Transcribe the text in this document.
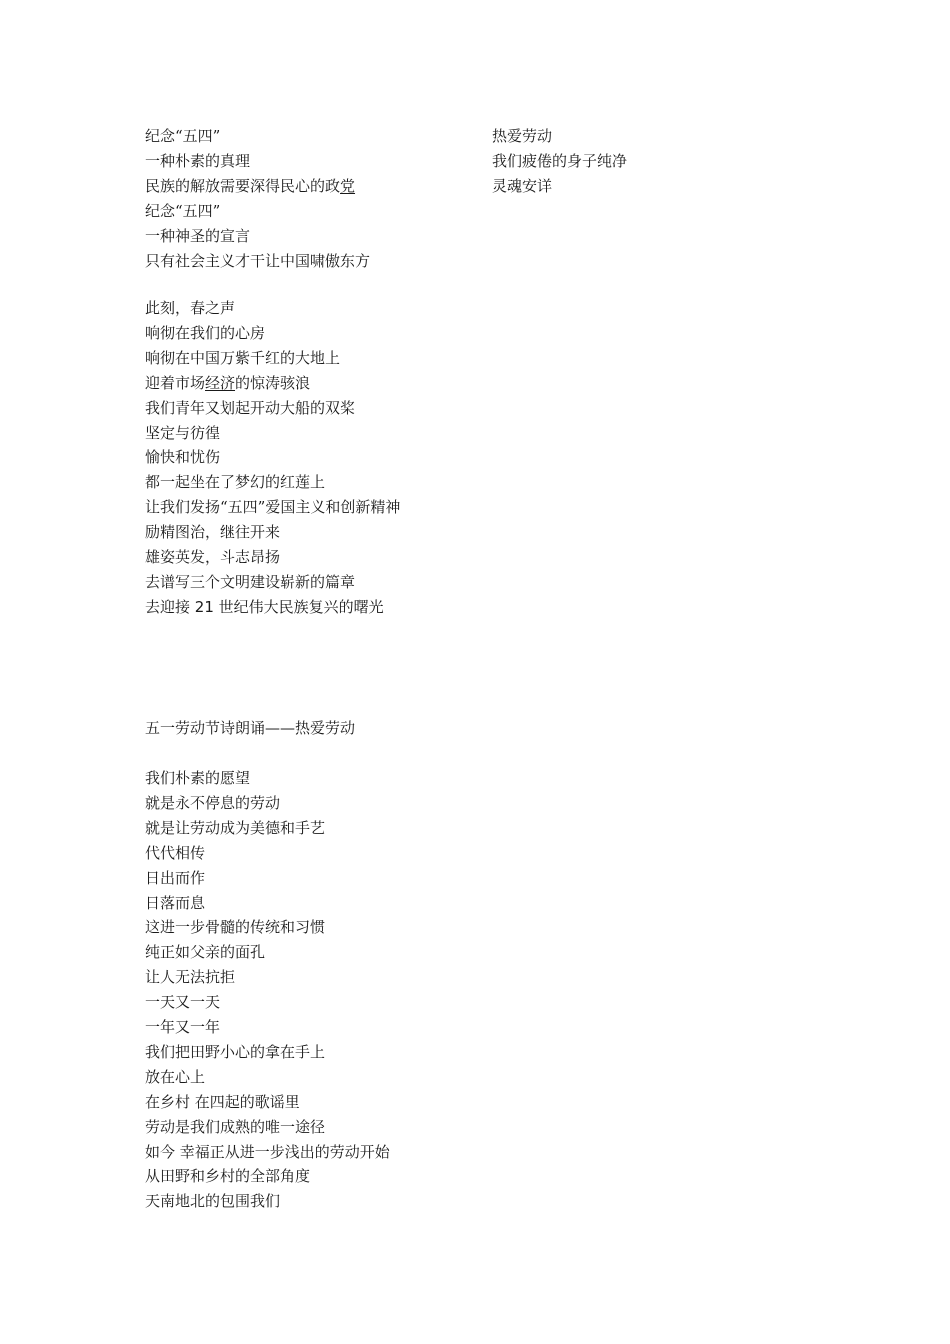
纪念“五四”
一种朴素的真理
民族的解放需要深得民心的政党
纪念“五四”
一种神圣的宣言
只有社会主义才干让中国啸傲东方
此刻，春之声
响彻在我们的心房
响彻在中国万紫千红的大地上
迎着市场经济的惊涛骇浪
我们青年又划起开动大船的双桨
坚定与彷徨
愉快和忧伤
都一起坐在了梦幻的红莲上
让我们发扬“五四”爱国主义和创新精神
励精图治，继往开来
雄姿英发，斗志昂扬
去谱写三个文明建设崭新的篇章
去迎接 21 世纪伟大民族复兴的曙光
五一劳动节诗朗诵——热爱劳动
我们朴素的愿望
就是永不停息的劳动
就是让劳动成为美德和手艺
代代相传
日出而作
日落而息
这进一步骨髓的传统和习惯
纯正如父亲的面孔
让人无法抗拒
一天又一天
一年又一年
我们把田野小心的拿在手上
放在心上
在乡村 在四起的歌谣里
劳动是我们成熟的唯一途径
如今 幸福正从进一步浅出的劳动开始
从田野和乡村的全部角度
天南地北的包围我们
热爱劳动
我们疲倦的身子纯净
灵魂安详
